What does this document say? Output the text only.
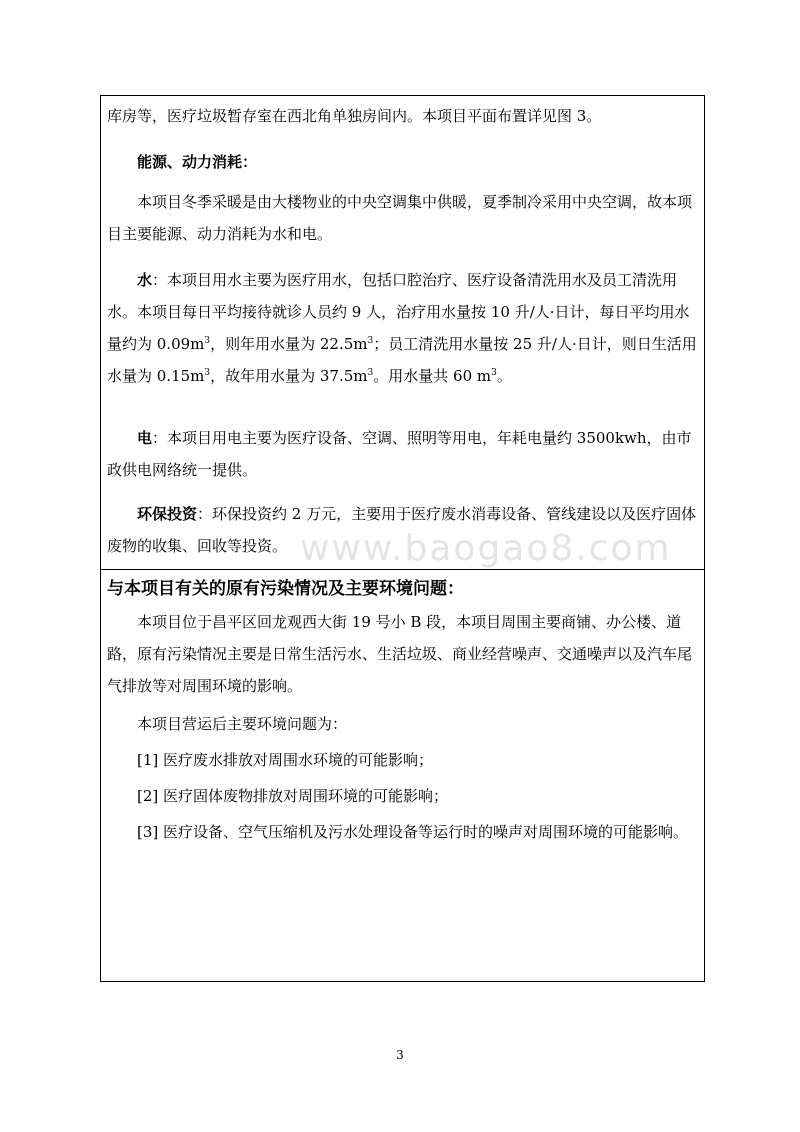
库房等，医疗垃圾暂存室在西北角单独房间内。本项目平面布置详见图 3。

能源、动力消耗：

本项目冬季采暖是由大楼物业的中央空调集中供暖，夏季制冷采用中央空调，故本项目主要能源、动力消耗为水和电。

水：本项目用水主要为医疗用水，包括口腔治疗、医疗设备清洗用水及员工清洗用水。本项目每日平均接待就诊人员约 9 人，治疗用水量按 10 升/人·日计，每日平均用水量约为 $0.09m^3$，则年用水量为 $22.5m^3$；员工清洗用水量按 25 升/人·日计，则日生活用水量为 $0.15m^3$，故年用水量为 $37.5m^3$。用水量共 60 $m^3$。

电：本项目用电主要为医疗设备、空调、照明等用电，年耗电量约 3500kwh，由市政供电网络统一提供。

环保投资：环保投资约 2 万元，主要用于医疗废水消毒设备、管线建设以及医疗固体废物的收集、回收等投资。

与本项目有关的原有污染情况及主要环境问题：

本项目位于昌平区回龙观西大街 19 号小 B 段，本项目周围主要商铺、办公楼、道路，原有污染情况主要是日常生活污水、生活垃圾、商业经营噪声、交通噪声以及汽车尾气排放等对周围环境的影响。

本项目营运后主要环境问题为：

[1] 医疗废水排放对周围水环境的可能影响；

[2] 医疗固体废物排放对周围环境的可能影响；

[3] 医疗设备、空气压缩机及污水处理设备等运行时的噪声对周围环境的可能影响。

www.baogao8.com
3
